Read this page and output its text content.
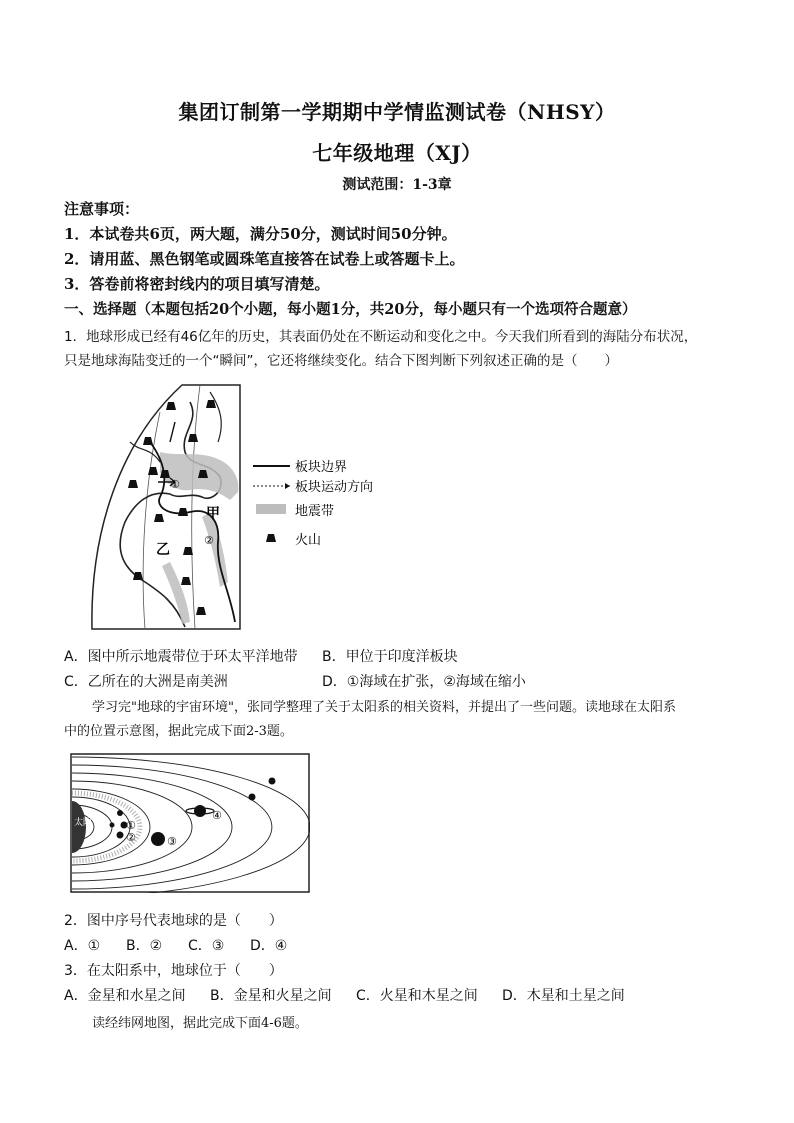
集团订制第一学期期中学情监测试卷（NHSY）
七年级地理（XJ）
测试范围：1-3章
注意事项：
1．本试卷共6页，两大题，满分50分，测试时间50分钟。
2．请用蓝、黑色钢笔或圆珠笔直接答在试卷上或答题卡上。
3．答卷前将密封线内的项目填写清楚。
一、选择题（本题包括20个小题，每小题1分，共20分，每小题只有一个选项符合题意）
1．地球形成已经有46亿年的历史，其表面仍处在不断运动和变化之中。今天我们所看到的海陆分布状况，
只是地球海陆变迁的一个“瞬间”，它还将继续变化。结合下图判断下列叙述正确的是（　　）
甲
乙
①
②
板块边界
板块运动方向
地震带
火山
A．图中所示地震带位于环太平洋地带 B．甲位于印度洋板块
C．乙所在的大洲是南美洲	D．①海域在扩张，②海域在缩小
学习完"地球的宇宙环境"，张同学整理了关于太阳系的相关资料，并提出了一些问题。读地球在太阳系
中的位置示意图，据此完成下面2-3题。
太阳	①
②	③
④
2．图中序号代表地球的是（　　）
A．① B．② C．③ D．④
3．在太阳系中，地球位于（　　）
A．金星和水星之间 B．金星和火星之间 C．火星和木星之间 D．木星和土星之间
读经纬网地图，据此完成下面4-6题。
